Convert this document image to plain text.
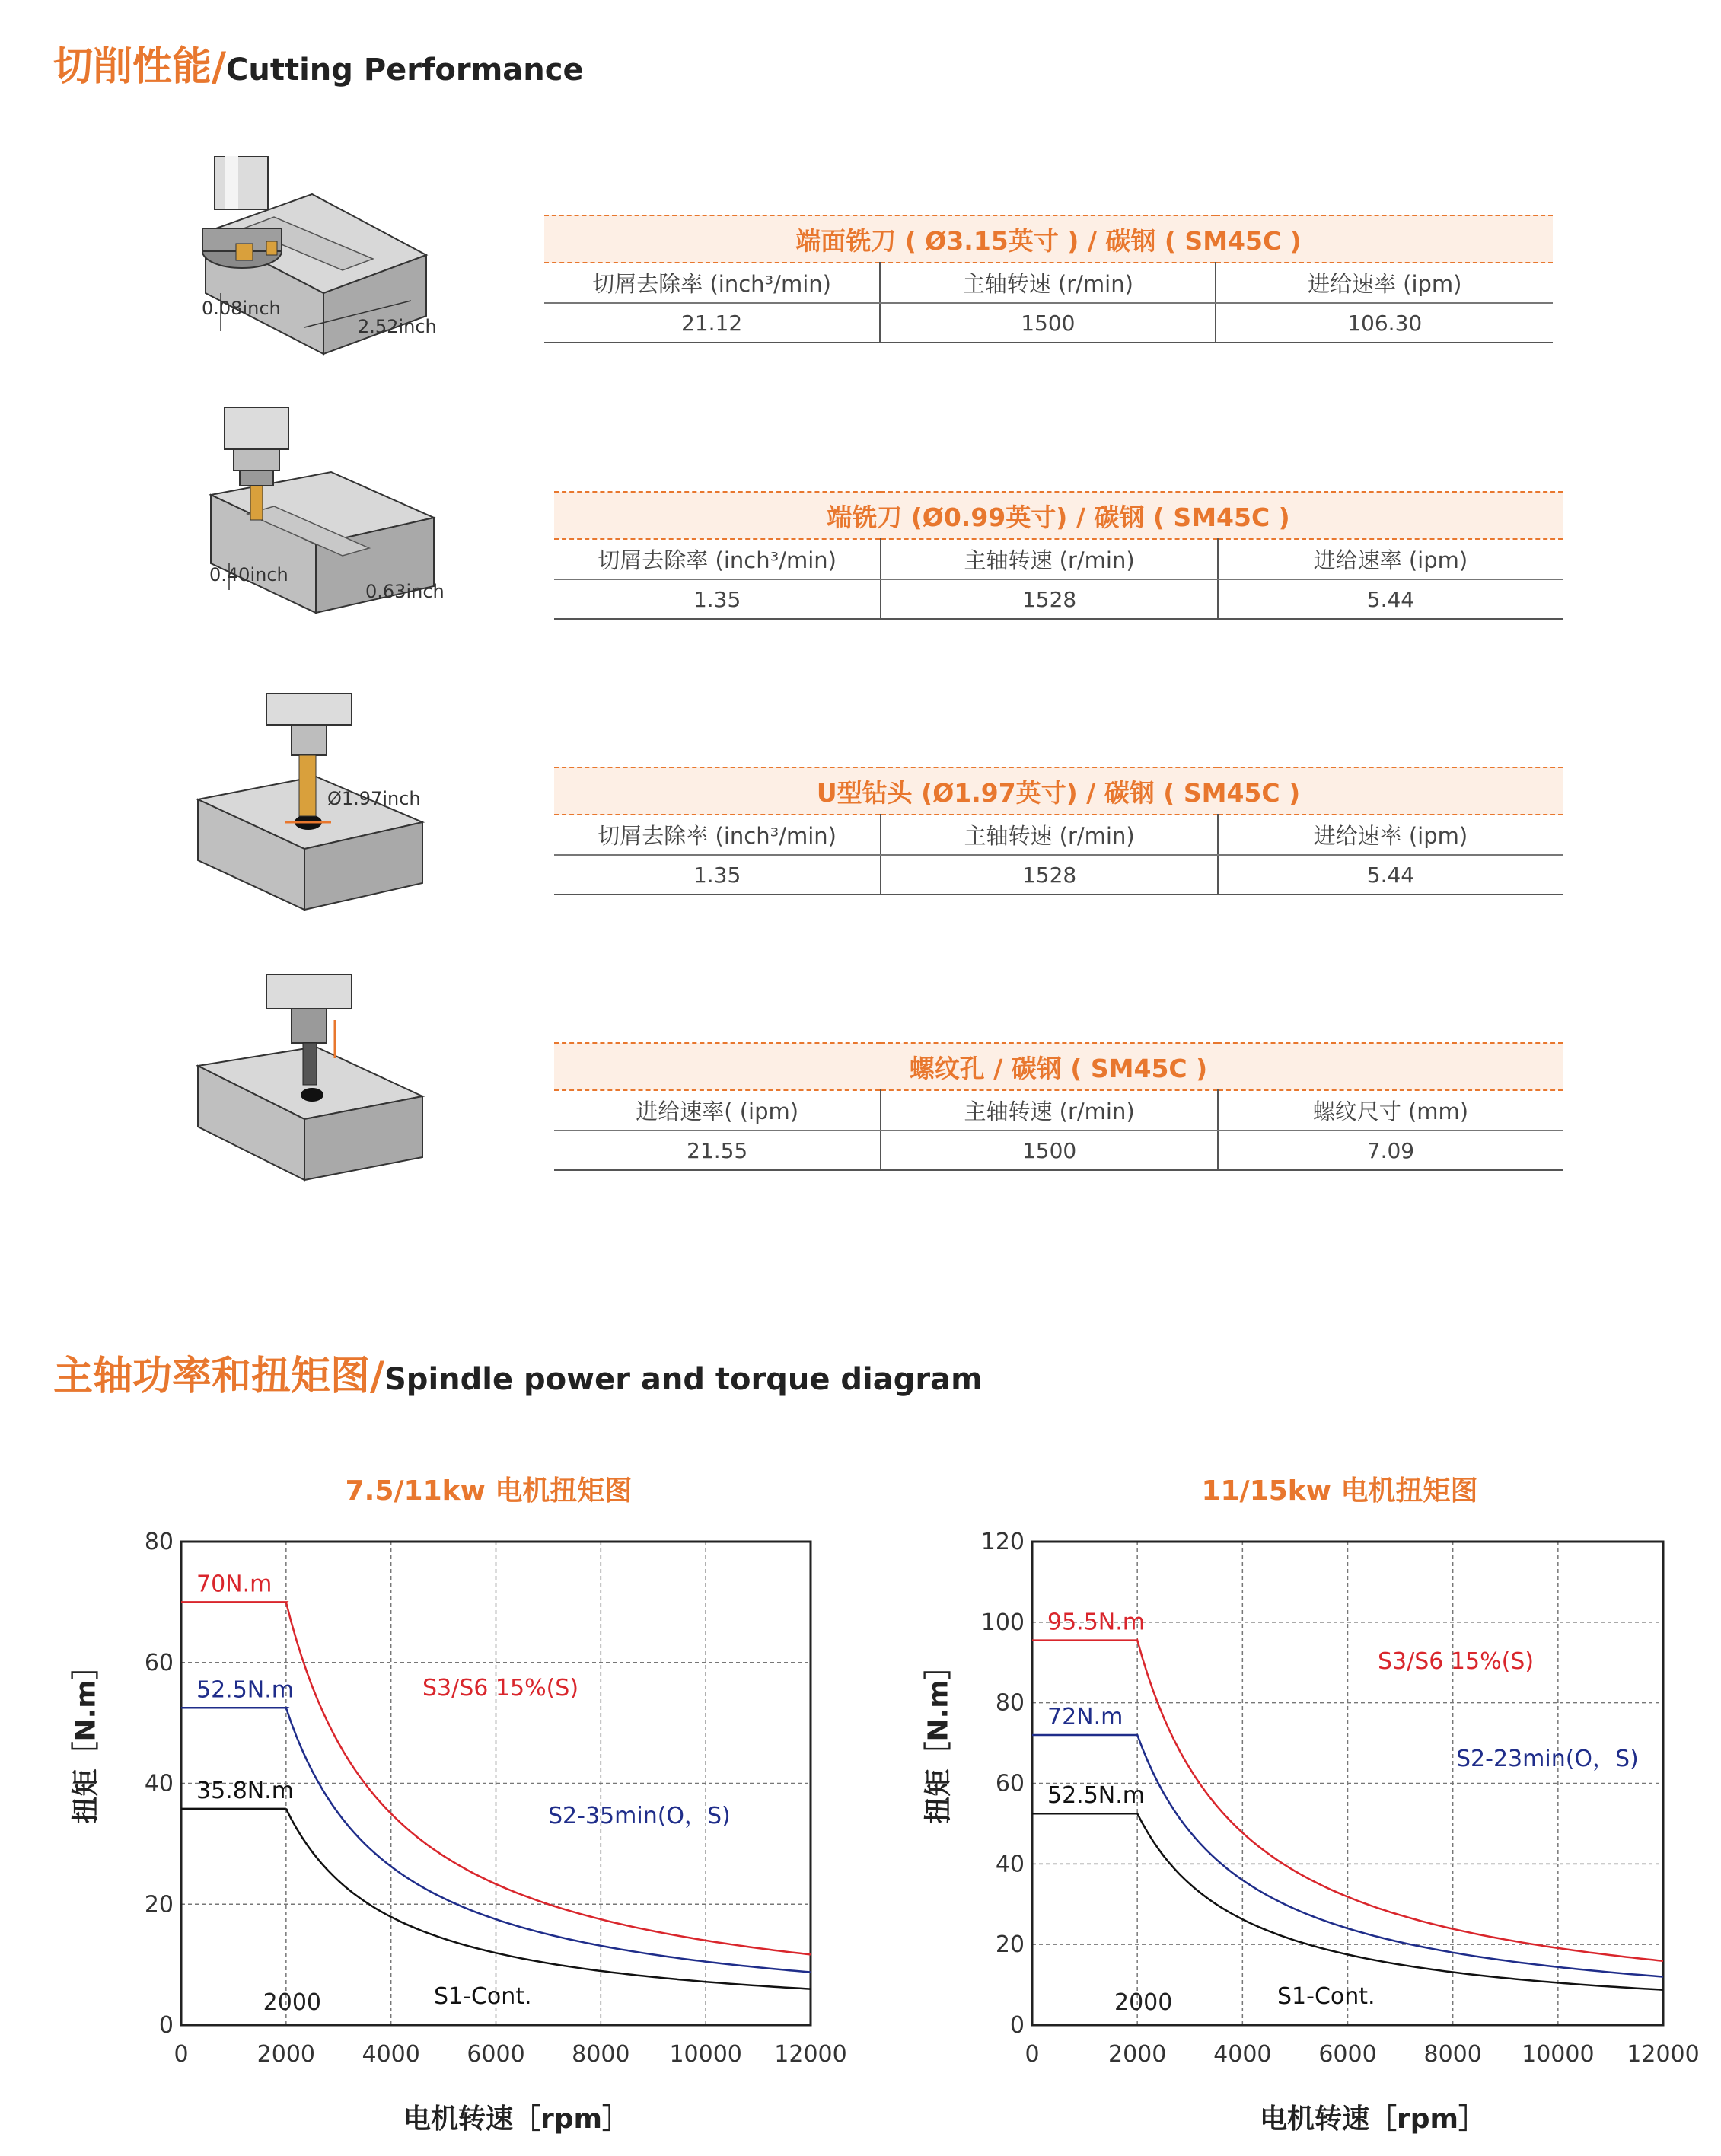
切削性能/Cutting Performance
0.08inch
2.52inch
0.40inch
0.63inch
Ø1.97inch
端面铣刀 ( Ø3.15英寸 ) / 碳钢 ( SM45C )		
切屑去除率 (inch³/min)	主轴转速 (r/min)	进给速率 (ipm)
21.12	1500	106.30
端铣刀 (Ø0.99英寸) / 碳钢 ( SM45C )		
切屑去除率 (inch³/min)	主轴转速 (r/min)	进给速率 (ipm)
1.35	1528	5.44
U型钻头 (Ø1.97英寸) / 碳钢 ( SM45C )		
切屑去除率 (inch³/min)	主轴转速 (r/min)	进给速率 (ipm)
1.35	1528	5.44
螺纹孔 / 碳钢 ( SM45C )		
进给速率( (ipm)	主轴转速 (r/min)	螺纹尺寸 (mm)
21.55	1500	7.09
主轴功率和扭矩图/Spindle power and torque diagram
7.5/11kw 电机扭矩图	11/15kw 电机扭矩图
扭矩［N.m］	扭矩［N.m］
电机转速［rpm］	电机转速［rpm］
0	2000 4000 6000 8000 10000 12000
0
20
40
60
80
70N.m
S3/S6 15%(S)
52.5N.m
S2-35min(O，S)
35.8N.m
S1-Cont.
2000
0	2000 4000 6000 8000 10000 12000
0
20
40
60
80
100
120
95.5N.m
S3/S6 15%(S)
72N.m
S2-23min(O，S)
52.5N.m
S1-Cont.
2000
